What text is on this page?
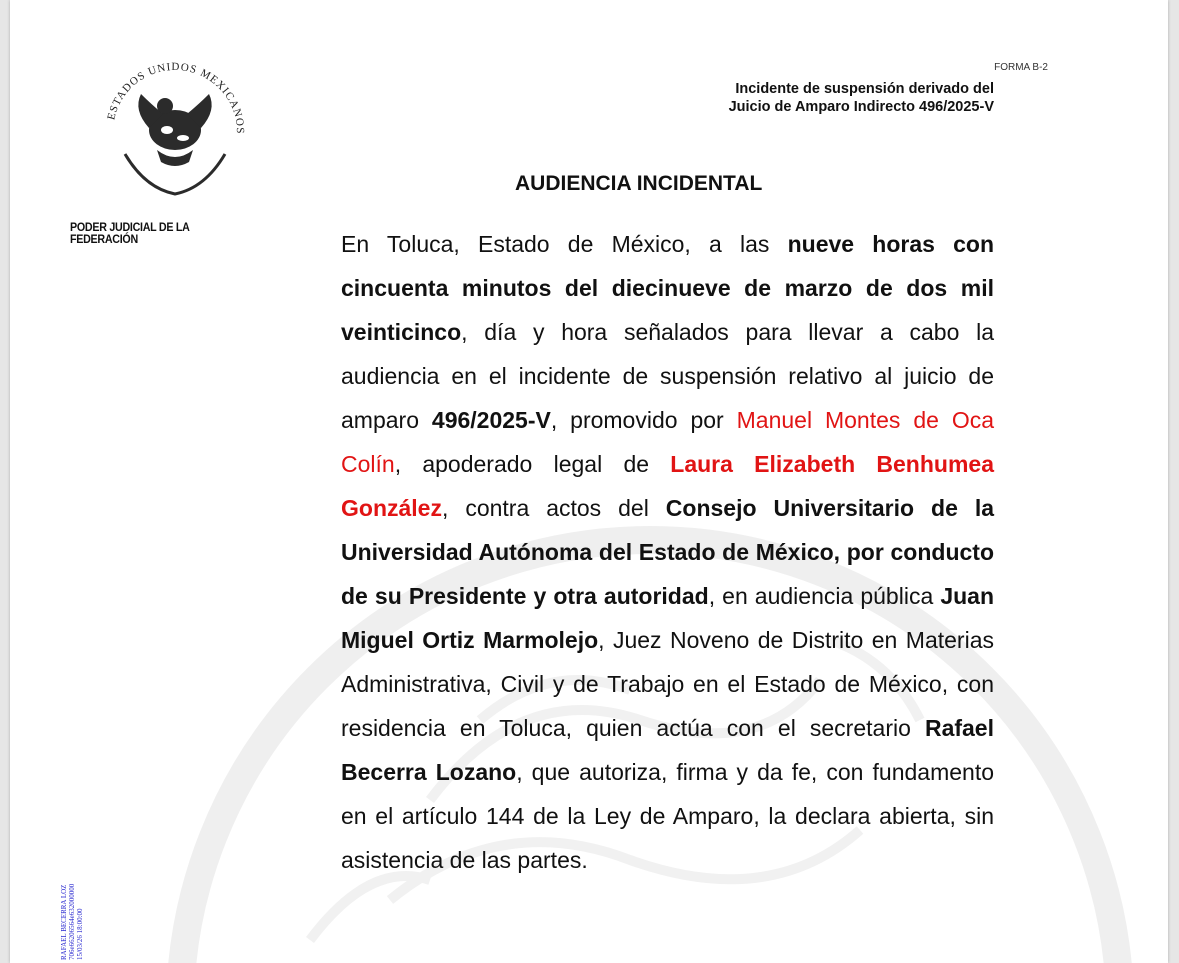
ESTADOS UNIDOS MEXICANOS
PODER JUDICIAL DE LA FEDERACIÓN
FORMA B-2
Incidente de suspensión derivado del
Juicio de Amparo Indirecto 496/2025-V
AUDIENCIA INCIDENTAL
En Toluca, Estado de México, a las nueve horas con cincuenta minutos del diecinueve de marzo de dos mil veinticinco, día y hora señalados para llevar a cabo la audiencia en el incidente de suspensión relativo al juicio de amparo 496/2025-V, promovido por Manuel Montes de Oca Colín, apoderado legal de Laura Elizabeth Benhumea González, contra actos del Consejo Universitario de la Universidad Autónoma del Estado de México, por conducto de su Presidente y otra autoridad, en audiencia pública Juan Miguel Ortiz Marmolejo, Juez Noveno de Distrito en Materias Administrativa, Civil y de Trabajo en el Estado de México, con residencia en Toluca, quien actúa con el secretario Rafael Becerra Lozano, que autoriza, firma y da fe, con fundamento en el artículo 144 de la Ley de Amparo, la declara abierta, sin asistencia de las partes.
RAFAEL BECERRA LOZ 706e66206564e632000000 15/03/26 18:00:00
